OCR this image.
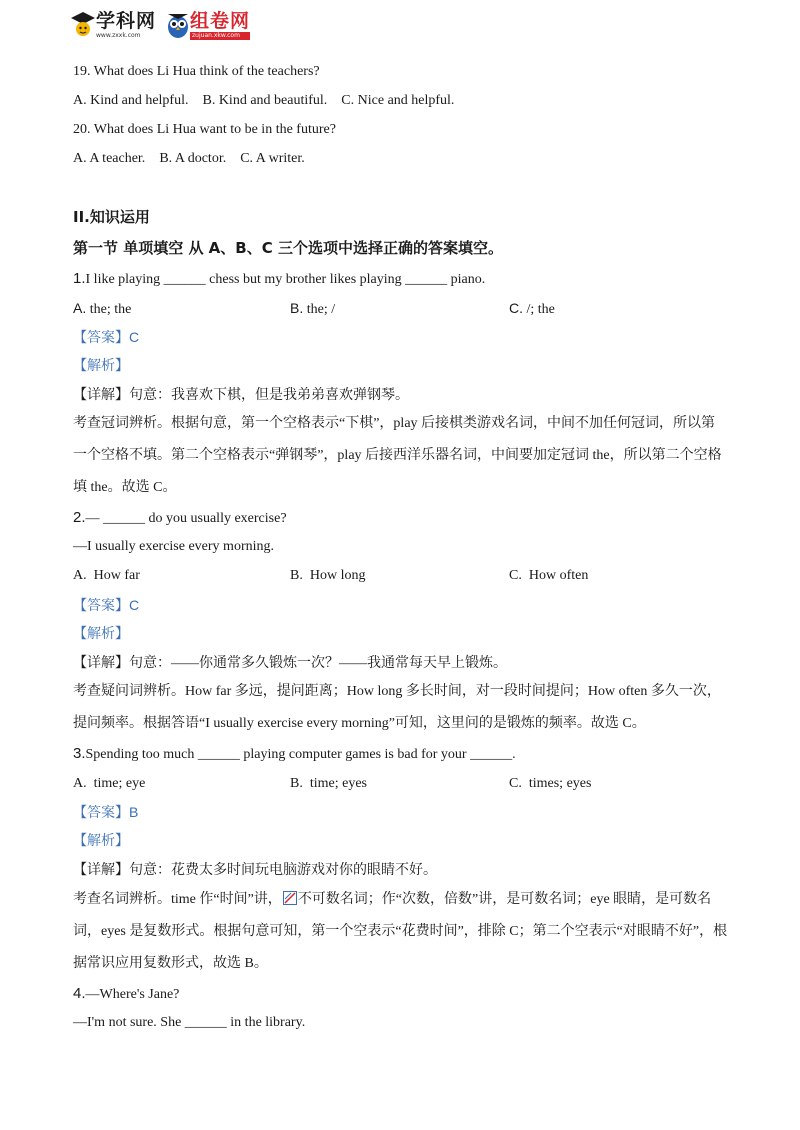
学科网
www.zxxk.com
组卷网
zujuan.xkw.com
19. What does Li Hua think of the teachers?
A. Kind and helpful. B. Kind and beautiful. C. Nice and helpful.
20. What does Li Hua want to be in the future?
A. A teacher. B. A doctor. C. A writer.
II.知识运用
第一节 单项填空 从 A、B、C 三个选项中选择正确的答案填空。
1.I like playing ______ chess but my brother likes playing ______ piano.
A. the; the	B. the; /	C. /; the
【答案】C
【解析】
【详解】句意：我喜欢下棋，但是我弟弟喜欢弹钢琴。
考查冠词辨析。根据句意，第一个空格表示“下棋”，play 后接棋类游戏名词，中间不加任何冠词，所以第一个空格不填。第二个空格表示“弹钢琴”，play 后接西洋乐器名词，中间要加定冠词 the，所以第二个空格填 the。故选 C。
2.— ______ do you usually exercise?
—I usually exercise every morning.
A. How far	B. How long	C. How often
【答案】C
【解析】
【详解】句意：——你通常多久锻炼一次？——我通常每天早上锻炼。
考查疑问词辨析。How far 多远，提问距离；How long 多长时间，对一段时间提问；How often 多久一次，提问频率。根据答语“I usually exercise every morning”可知，这里问的是锻炼的频率。故选 C。
3.Spending too much ______ playing computer games is bad for your ______.
A. time; eye	B. time; eyes	C. times; eyes
【答案】B
【解析】
【详解】句意：花费太多时间玩电脑游戏对你的眼睛不好。
考查名词辨析。time 作“时间”讲， 不可数名词；作“次数，倍数”讲，是可数名词；eye 眼睛，是可数名词，eyes 是复数形式。根据句意可知，第一个空表示“花费时间”，排除 C；第二个空表示“对眼睛不好”，根据常识应用复数形式，故选 B。
4.—Where's Jane?
—I'm not sure. She ______ in the library.
